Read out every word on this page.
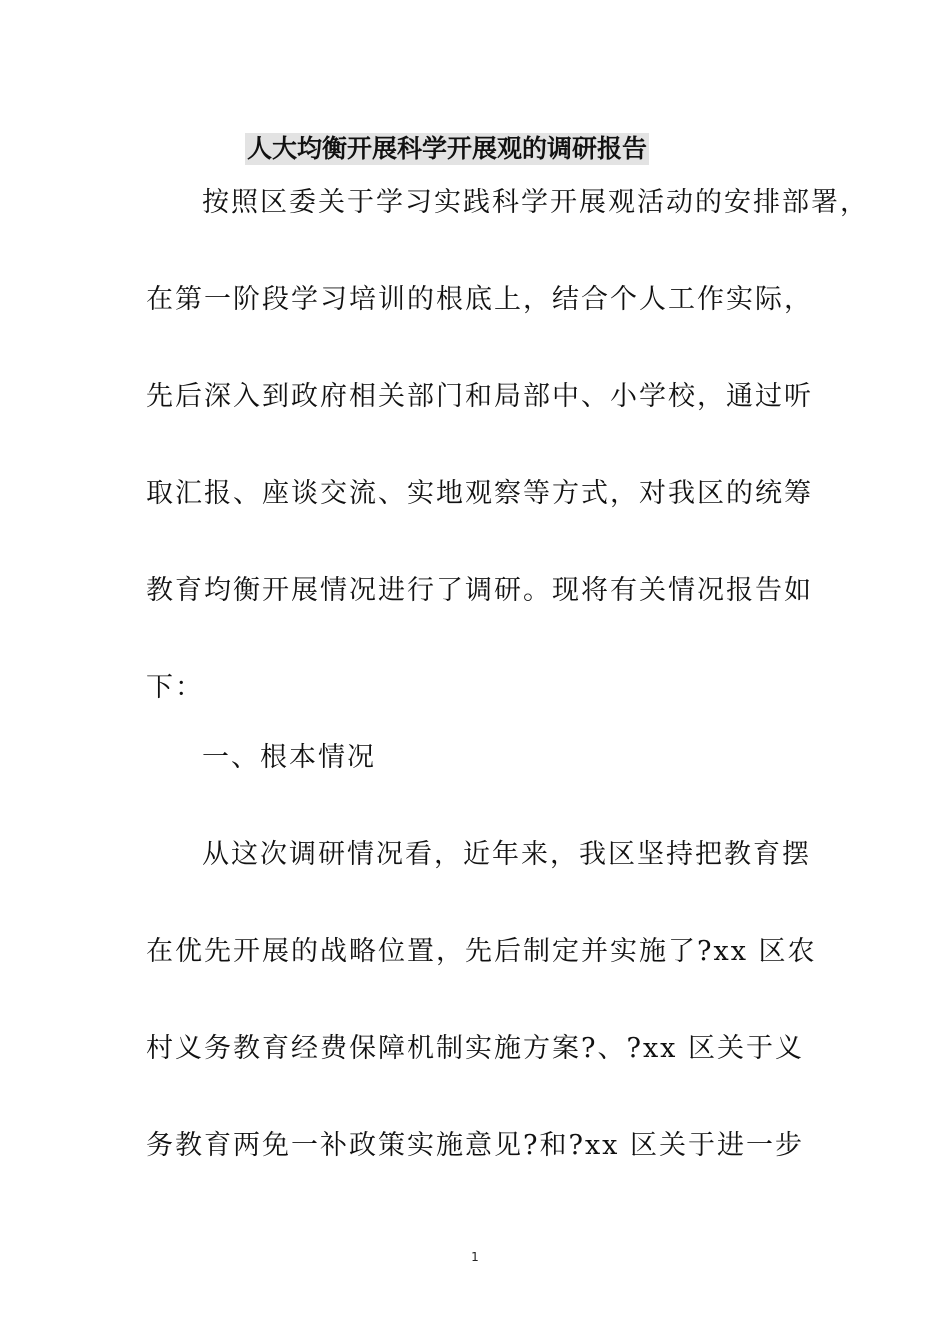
人大均衡开展科学开展观的调研报告
按照区委关于学习实践科学开展观活动的安排部署，
在第一阶段学习培训的根底上，结合个人工作实际，
先后深入到政府相关部门和局部中、小学校，通过听
取汇报、座谈交流、实地观察等方式，对我区的统筹
教育均衡开展情况进行了调研。现将有关情况报告如
下：
一、根本情况
从这次调研情况看，近年来，我区坚持把教育摆
在优先开展的战略位置，先后制定并实施了?xx 区农
村义务教育经费保障机制实施方案?、?xx 区关于义
务教育两免一补政策实施意见?和?xx 区关于进一步
1
